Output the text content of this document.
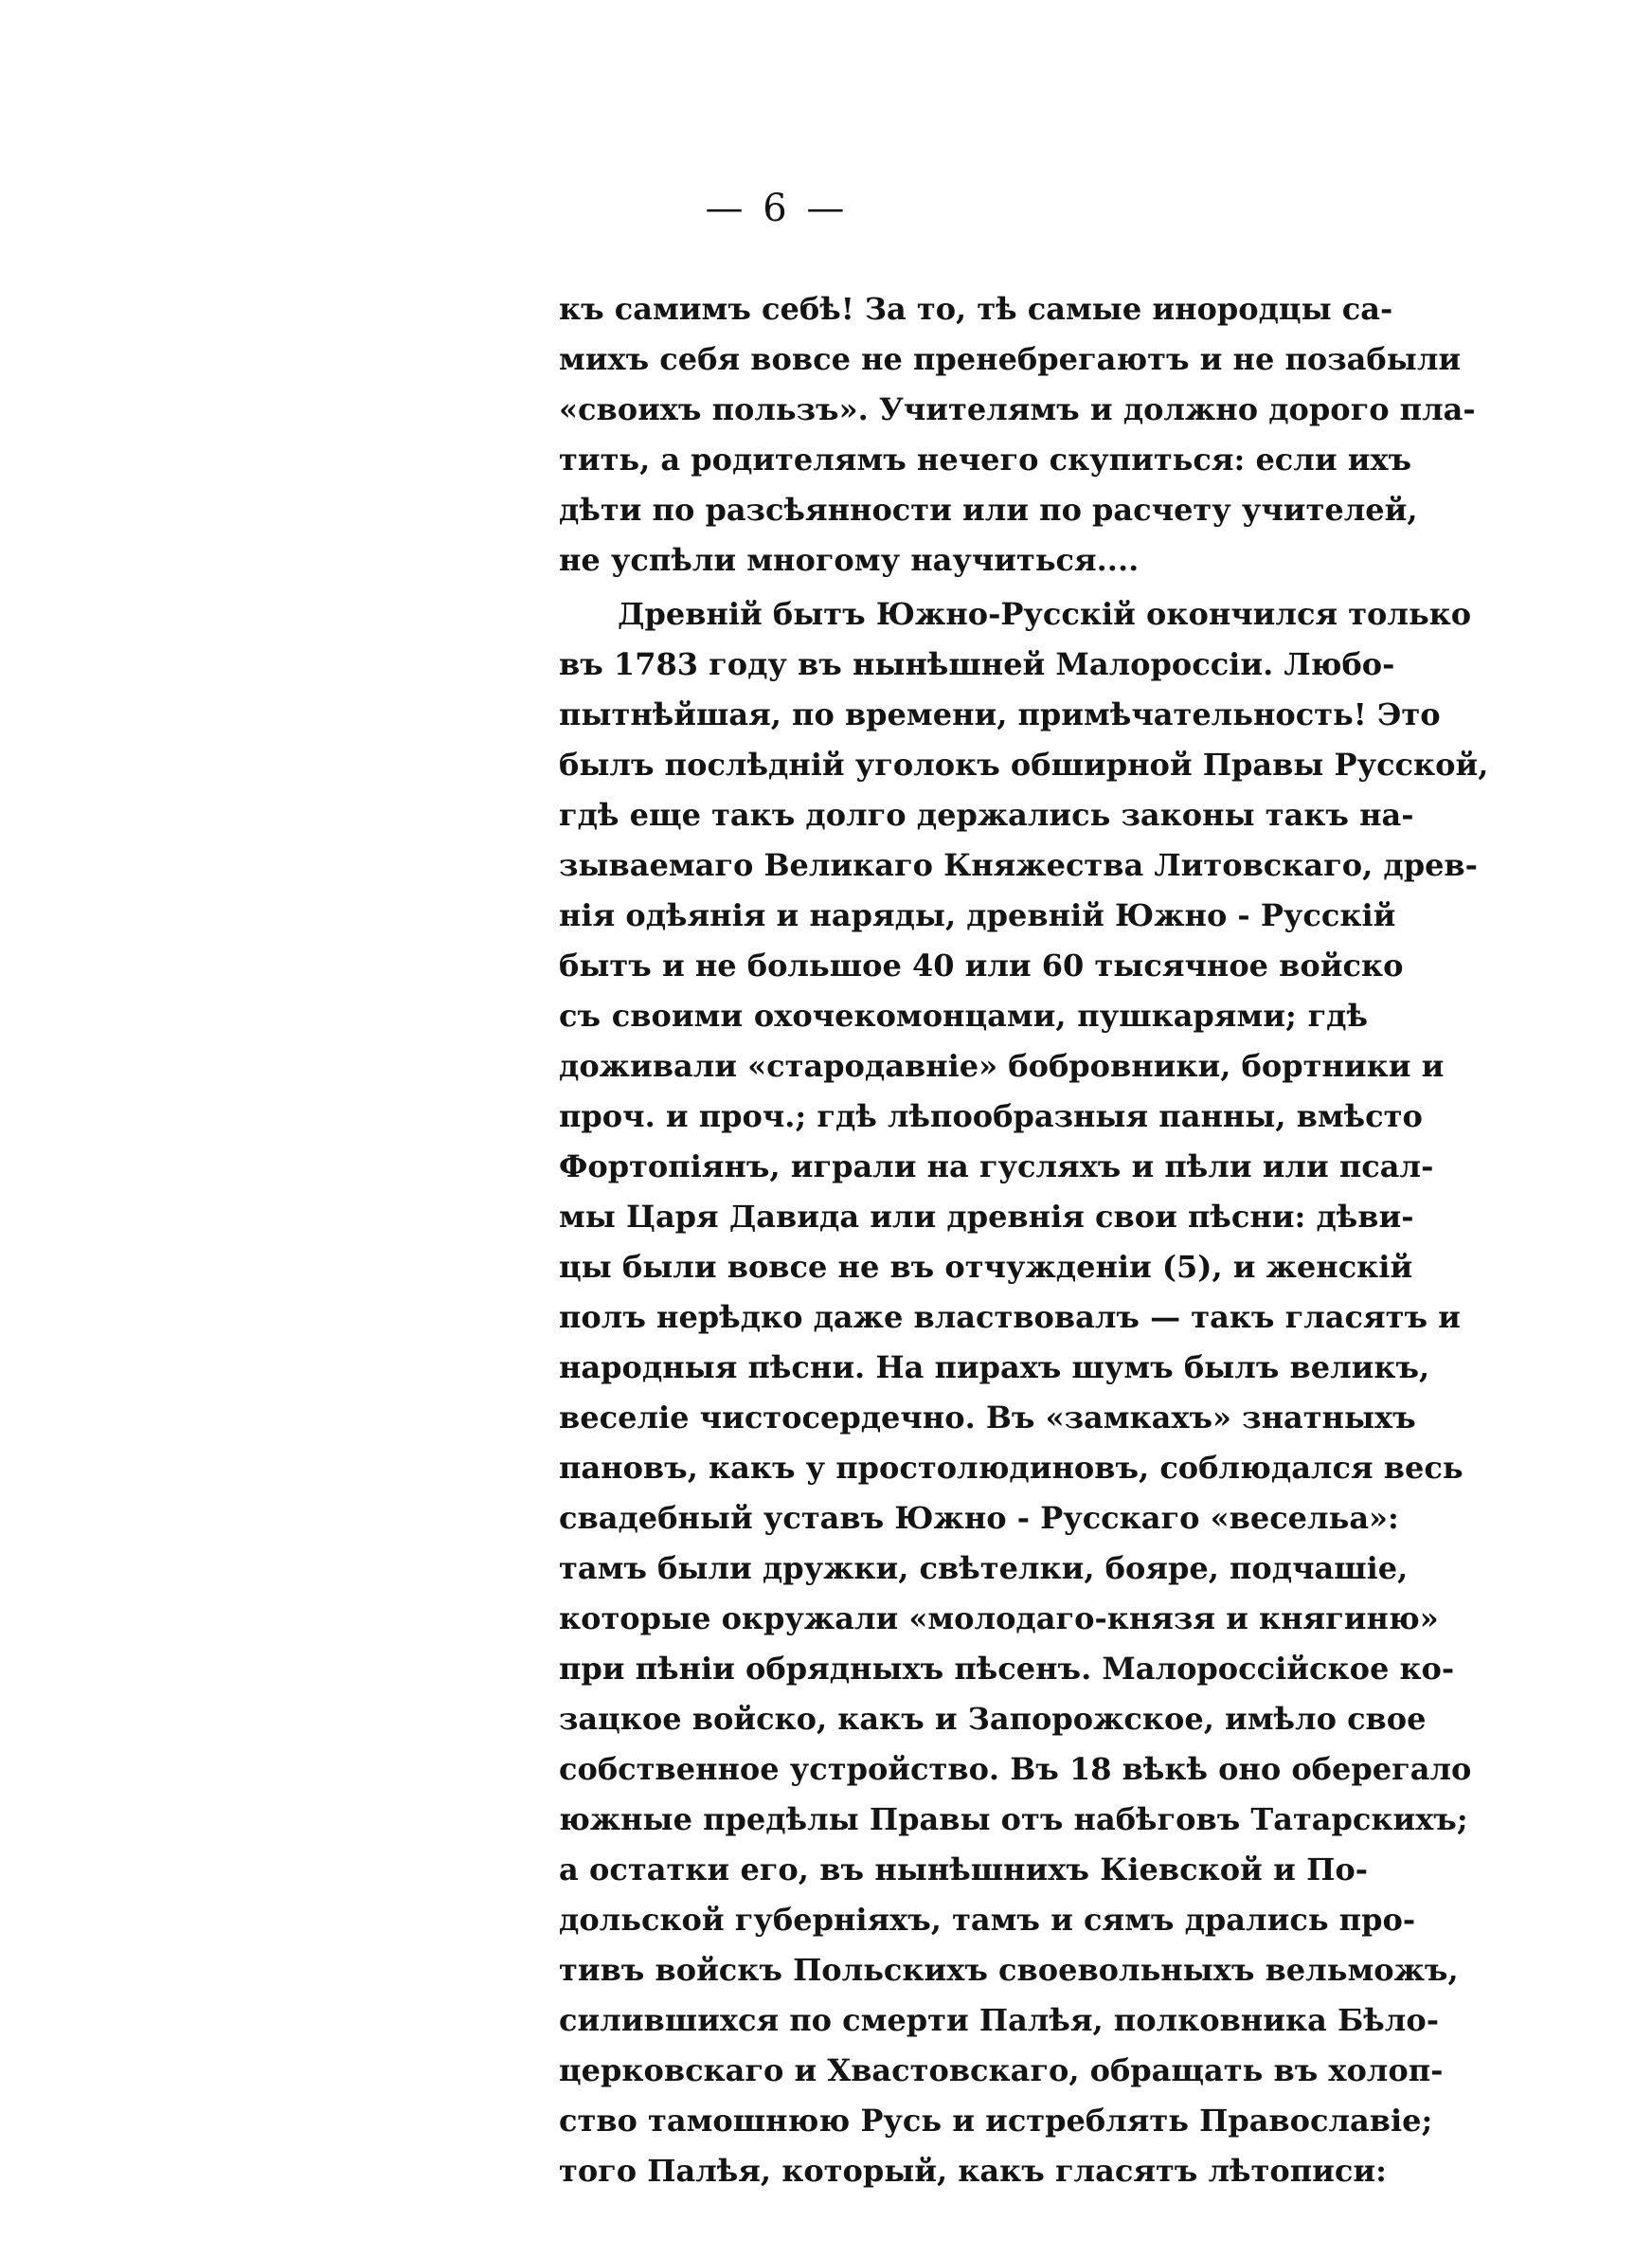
— 6 —
къ самимъ себѣ! За то, тѣ самые инородцы са-
михъ себя вовсе не пренебрегаютъ и не позабыли
«своихъ пользъ». Учителямъ и должно дорого пла-
тить, а родителямъ нечего скупиться: если ихъ
дѣти по разсѣянности или по расчету учителей,
не успѣли многому научиться....
Древній бытъ Южно-Русскій окончился только
въ 1783 году въ нынѣшней Малороссіи. Любо-
пытнѣйшая, по времени, примѣчательность! Это
былъ послѣдній уголокъ обширной Правы Русской,
гдѣ еще такъ долго держались законы такъ на-
зываемаго Великаго Княжества Литовскаго, древ-
нія одѣянія и наряды, древній Южно - Русскій
бытъ и не большое 40 или 60 тысячное войско
съ своими охочекомонцами, пушкарями; гдѣ
доживали «стародавніе» бобровники, бортники и
проч. и проч.; гдѣ лѣпообразныя панны, вмѣсто
Фортопіянъ, играли на гусляхъ и пѣли или псал-
мы Царя Давида или древнія свои пѣсни: дѣви-
цы были вовсе не въ отчужденіи (5), и женскій
полъ нерѣдко даже властвовалъ — такъ гласятъ и
народныя пѣсни. На пирахъ шумъ былъ великъ,
веселіе чистосердечно. Въ «замкахъ» знатныхъ
пановъ, какъ у простолюдиновъ, соблюдался весь
свадебный уставъ Южно - Русскаго «весельа»:
тамъ были дружки, свѣтелки, бояре, подчашіе,
которые окружали «молодаго-князя и княгиню»
при пѣніи обрядныхъ пѣсенъ. Малороссійское ко-
зацкое войско, какъ и Запорожское, имѣло свое
собственное устройство. Въ 18 вѣкѣ оно оберегало
южные предѣлы Правы отъ набѣговъ Татарскихъ;
а остатки его, въ нынѣшнихъ Кіевской и По-
дольской губерніяхъ, тамъ и сямъ дрались про-
тивъ войскъ Польскихъ своевольныхъ вельможъ,
силившихся по смерти Палѣя, полковника Бѣло-
церковскаго и Хвастовскаго, обращать въ холоп-
ство тамошнюю Русь и истреблять Православіе;
того Палѣя, который, какъ гласятъ лѣтописи:
